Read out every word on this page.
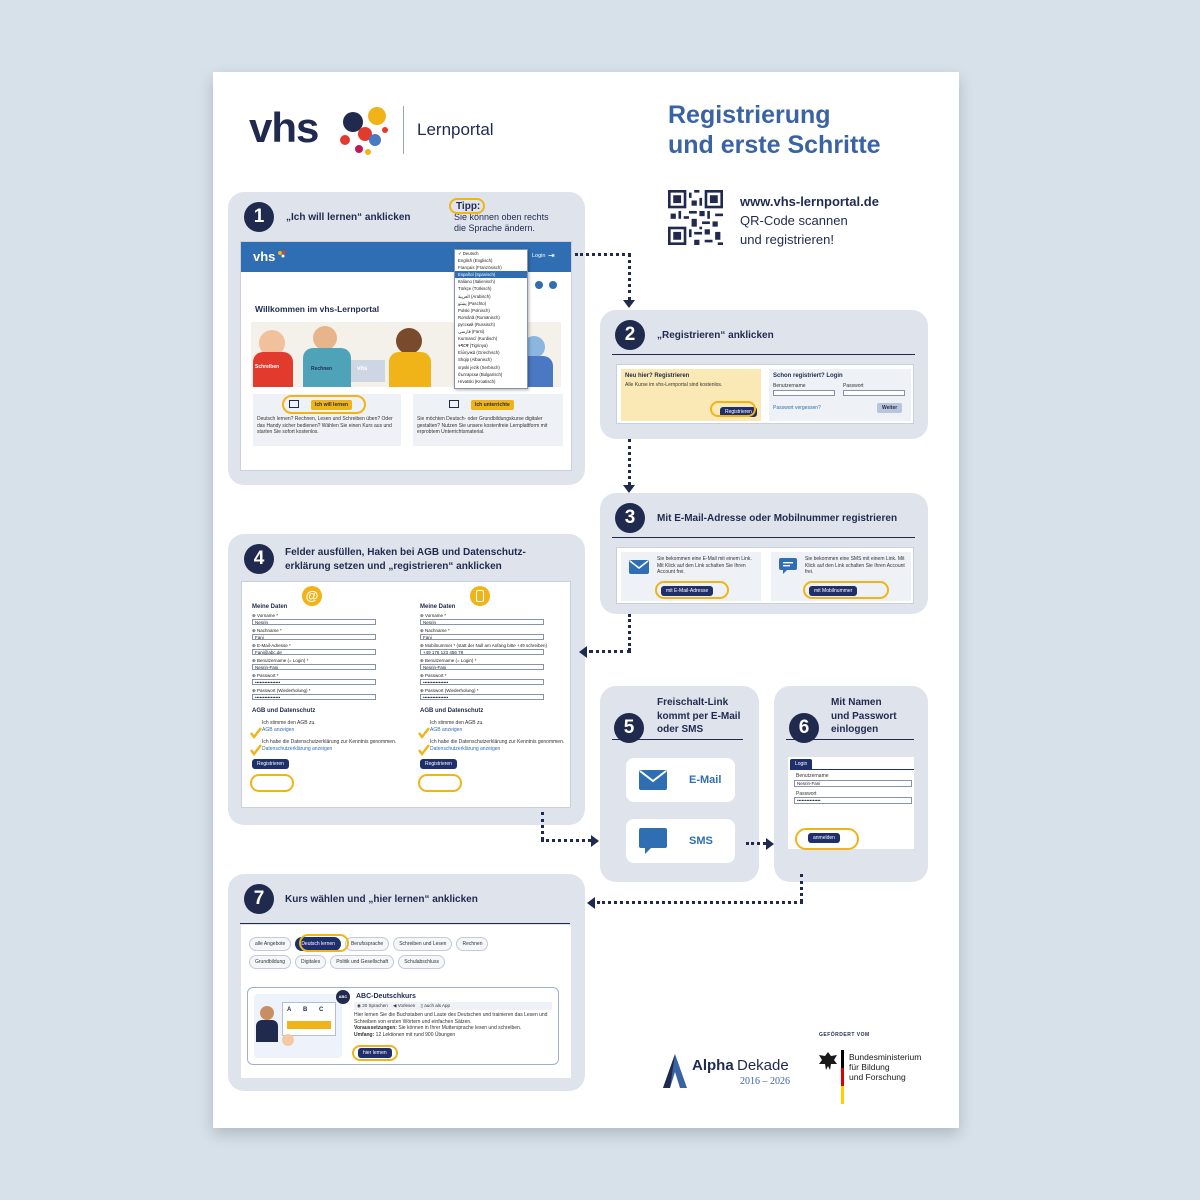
vhs	Lernportal
Registrierung
und erste Schritte
www.vhs-lernportal.de
QR-Code scannen
und registrieren!
1	„Ich will lernen“ anklicken
Tipp:
Sie können oben rechts
die Sprache ändern.
vhs	Login ⇥

Willkommen im vhs-Lernportal
Schreiben	Rechnen	vhs
Ich will lernen
Deutsch lernen? Rechnen, Lesen und Schreiben üben? Oder das Handy sicher bedienen? Wählen Sie einen Kurs aus und starten Sie sofort kostenlos.
Ich unterrichte
Sie möchten Deutsch- oder Grundbildungskurse digitaler gestalten? Nutzen Sie unsere kostenfreie Lernplattform mit erprobtem Unterrichtsmaterial.
✓ Deutsch
English (Englisch)
Français (Französisch)
Español (Spanisch)
Italiano (Italienisch)
Türkçe (Türkisch)
العربية (Arabisch)
پښتو (Paschto)
Polski (Polnisch)
Română (Rumänisch)
русский (Russisch)
فارسی (Farsi)
Kurmancî (Kurdisch)
ትግርኛ (Tigrinya)
Ελληνικά (Griechisch)
Shqip (Albanisch)
srpski jezik (Serbisch)
български (Bulgarisch)
Hrvatski (Kroatisch)
2	„Registrieren“ anklicken
Neu hier? Registrieren
Alle Kurse im vhs-Lernportal sind kostenlos.
Registrieren
Schon registriert? Login
Benutzername	Passwort
Passwort vergessen?	Weiter
3	Mit E-Mail-Adresse oder Mobilnummer registrieren
Sie bekommen eine E-Mail mit einem Link. Mit Klick auf den Link schalten Sie Ihren Account frei.
mit E-Mail-Adresse
Sie bekommen eine SMS mit einem Link. Mit Klick auf den Link schalten Sie Ihren Account frei.
mit Mobilnummer
4	Felder ausfüllen, Haken bei AGB und Datenschutz-
erklärung setzen und „registrieren“ anklicken
Meine Daten
⊕ Vorname *
Nesrin
⊕ Nachname *
Fani
⊕ E-Mail-Adresse *
Fani@abc.de
⊕ Benutzername (= Login) *
Nesrin-Fani
⊕ Passwort *
••••••••••••••••
⊕ Passwort (Wiederholung) *
••••••••••••••••
AGB und Datenschutz
Ich stimme den AGB zu.
AGB anzeigen
Ich habe die Datenschutzerklärung zur Kenntnis genommen.
Datenschutzerklärung anzeigen
Registrieren
@
Meine Daten
⊕ Vorname *
Nesrin
⊕ Nachname *
Fani
⊕ Mobilnummer * (statt der Null am Anfang bitte +49 schreiben)
+49 176 123 456 78
⊕ Benutzername (= Login) *
Nesrin-Fani
⊕ Passwort *
••••••••••••••••
⊕ Passwort (Wiederholung) *
••••••••••••••••
AGB und Datenschutz
Ich stimme den AGB zu.
AGB anzeigen
Ich habe die Datenschutzerklärung zur Kenntnis genommen.
Datenschutzerklärung anzeigen
Registrieren
5
Freischalt-Link
kommt per E-Mail
oder SMS
E-Mail
SMS
6
Mit Namen
und Passwort
einloggen
Login
Benutzername
Nesrin-Fani
Passwort
•••••••••••••••
anmelden
7	Kurs wählen und „hier lernen“ anklicken
alle Angebote	Deutsch lernen	Berufssprache	Schreiben und Lesen	RechnenGrundbildung	Digitales	Politik und Gesellschaft	Schulabschluss
A B C
ABC	ABC-Deutschkurs
◉ 20 Sprachen ◀ Vorlesen ▯ auch als App
Hier lernen Sie die Buchstaben und Laute des Deutschen und trainieren das Lesen und Schreiben von ersten Wörtern und einfachen Sätzen.
Voraussetzungen: Sie können in Ihrer Muttersprache lesen und schreiben.
Umfang: 12 Lektionen mit rund 900 Übungen
hier lernen
Alpha Dekade
2016 – 2026
GEFÖRDERT VOM
Bundesministerium
für Bildung
und Forschung
